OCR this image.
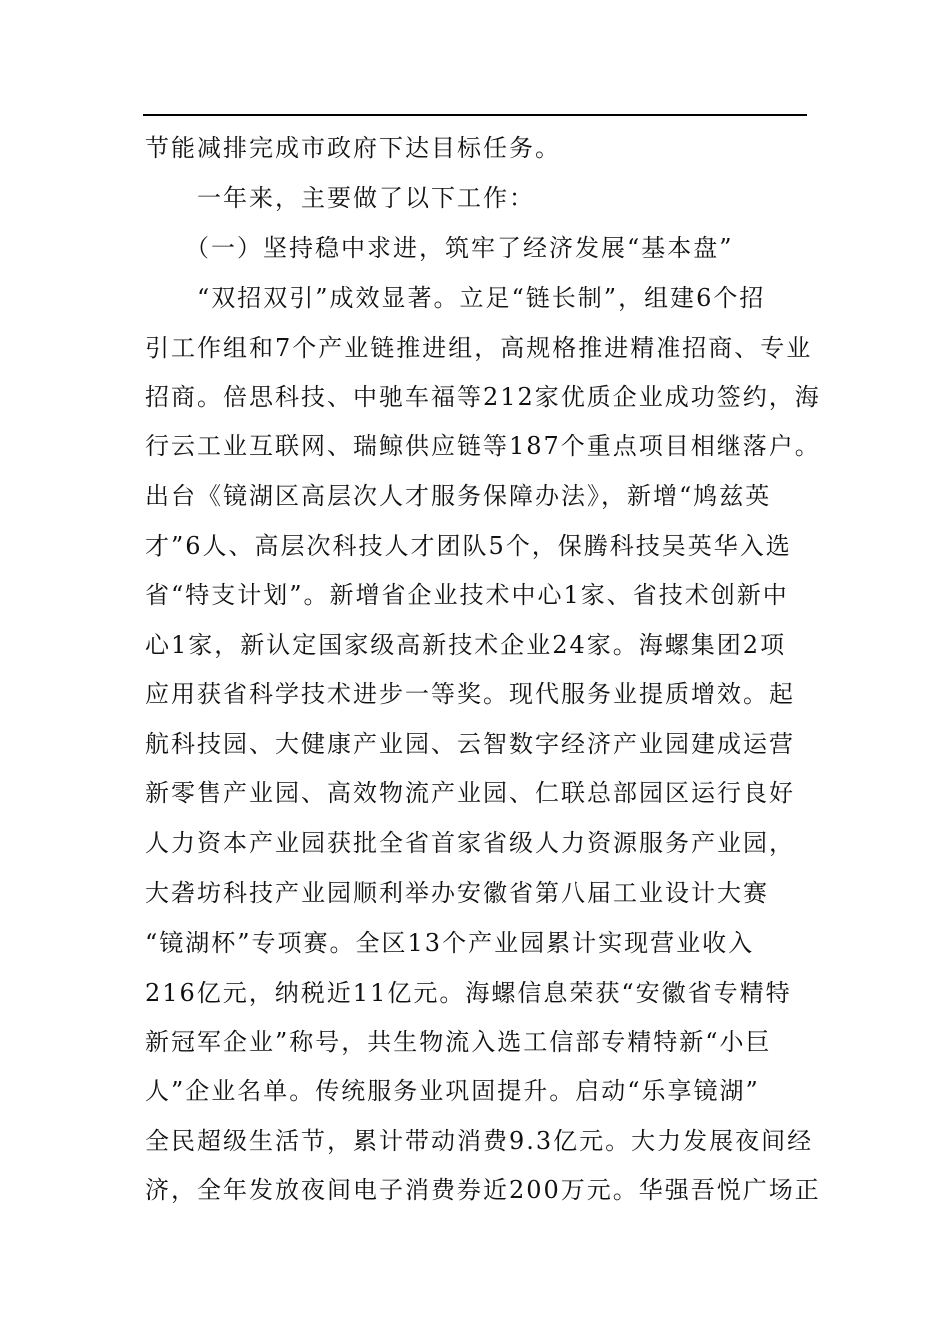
节能减排完成市政府下达目标任务。
　　一年来，主要做了以下工作：
　　（一）坚持稳中求进，筑牢了经济发展“基本盘”
　　“双招双引”成效显著。立足“链长制”，组建6个招
引工作组和7个产业链推进组，高规格推进精准招商、专业
招商。倍思科技、中驰车福等212家优质企业成功签约，海
行云工业互联网、瑞鲸供应链等187个重点项目相继落户。
出台《镜湖区高层次人才服务保障办法》，新增“鸠兹英
才”6人、高层次科技人才团队5个，保腾科技吴英华入选
省“特支计划”。新增省企业技术中心1家、省技术创新中
心1家，新认定国家级高新技术企业24家。海螺集团2项
应用获省科学技术进步一等奖。现代服务业提质增效。起
航科技园、大健康产业园、云智数字经济产业园建成运营
新零售产业园、高效物流产业园、仁联总部园区运行良好
人力资本产业园获批全省首家省级人力资源服务产业园，
大砻坊科技产业园顺利举办安徽省第八届工业设计大赛
“镜湖杯”专项赛。全区13个产业园累计实现营业收入
216亿元，纳税近11亿元。海螺信息荣获“安徽省专精特
新冠军企业”称号，共生物流入选工信部专精特新“小巨
人”企业名单。传统服务业巩固提升。启动“乐享镜湖”
全民超级生活节，累计带动消费9.3亿元。大力发展夜间经
济，全年发放夜间电子消费券近200万元。华强吾悦广场正
